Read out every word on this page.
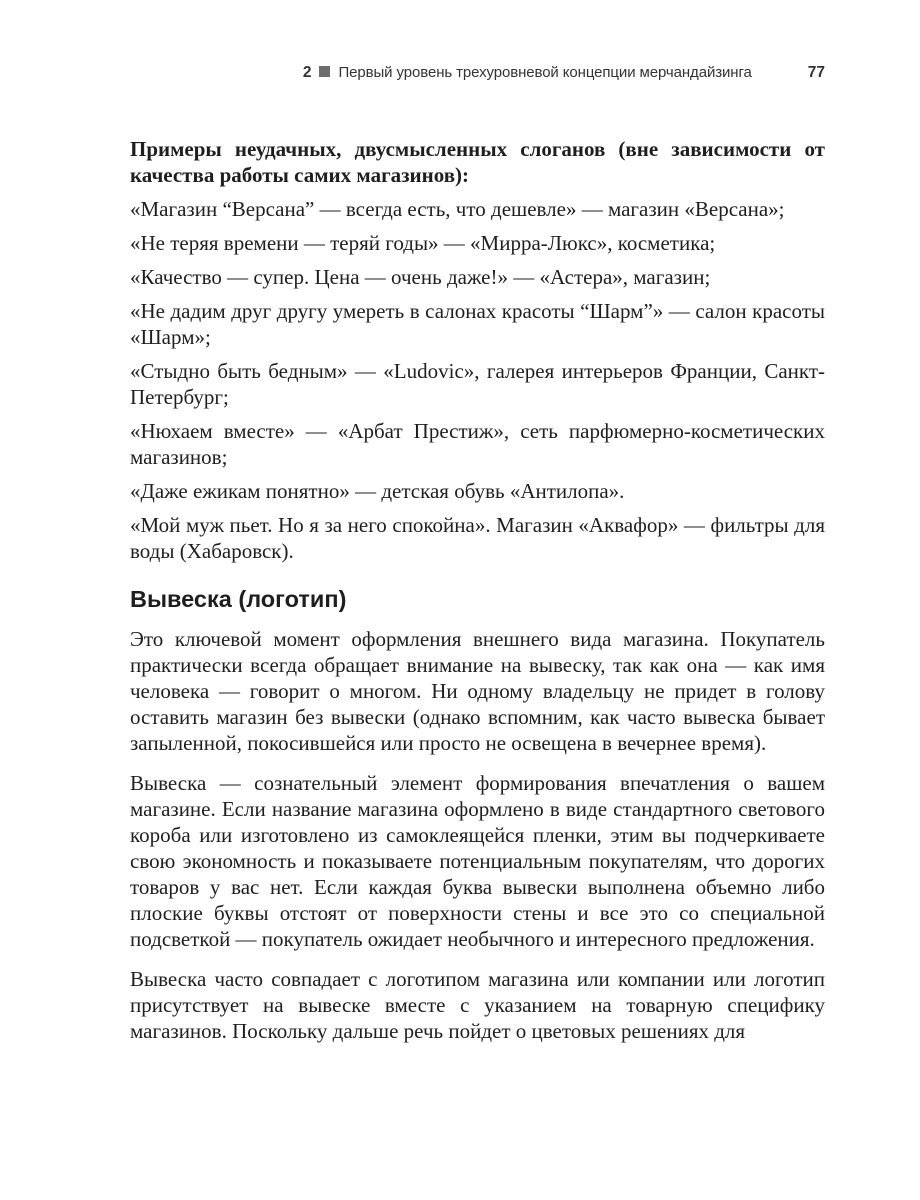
2 Первый уровень трехуровневой концепции мерчандайзинга	77

Примеры неудачных, двусмысленных слоганов (вне зависимости от качества работы самих магазинов):

«Магазин “Версана” — всегда есть, что дешевле» — магазин «Версана»;

«Не теряя времени — теряй годы» — «Мирра-Люкс», косметика;

«Качество — супер. Цена — очень даже!» — «Астера», магазин;

«Не дадим друг другу умереть в салонах красоты “Шарм”» — салон красоты «Шарм»;

«Стыдно быть бедным» — «Ludovic», галерея интерьеров Франции, Санкт-Петербург;

«Нюхаем вместе» — «Арбат Престиж», сеть парфюмерно-косметических магазинов;

«Даже ежикам понятно» — детская обувь «Антилопа».

«Мой муж пьет. Но я за него спокойна». Магазин «Аквафор» — фильтры для воды (Хабаровск).

Вывеска (логотип)

Это ключевой момент оформления внешнего вида магазина. Покупатель практически всегда обращает внимание на вывеску, так как она — как имя человека — говорит о многом. Ни одному владельцу не придет в голову оставить магазин без вывески (однако вспомним, как часто вывеска бывает запыленной, покосившейся или просто не освещена в вечернее время).

Вывеска — сознательный элемент формирования впечатления о вашем магазине. Если название магазина оформлено в виде стандартного светового короба или изготовлено из самоклеящейся пленки, этим вы подчеркиваете свою экономность и показываете потенциальным покупателям, что дорогих товаров у вас нет. Если каждая буква вывески выполнена объемно либо плоские буквы отстоят от поверхности стены и все это со специальной подсветкой — покупатель ожидает необычного и интересного предложения.

Вывеска часто совпадает с логотипом магазина или компании или логотип присутствует на вывеске вместе с указанием на товарную специфику магазинов. Поскольку дальше речь пойдет о цветовых решениях для
